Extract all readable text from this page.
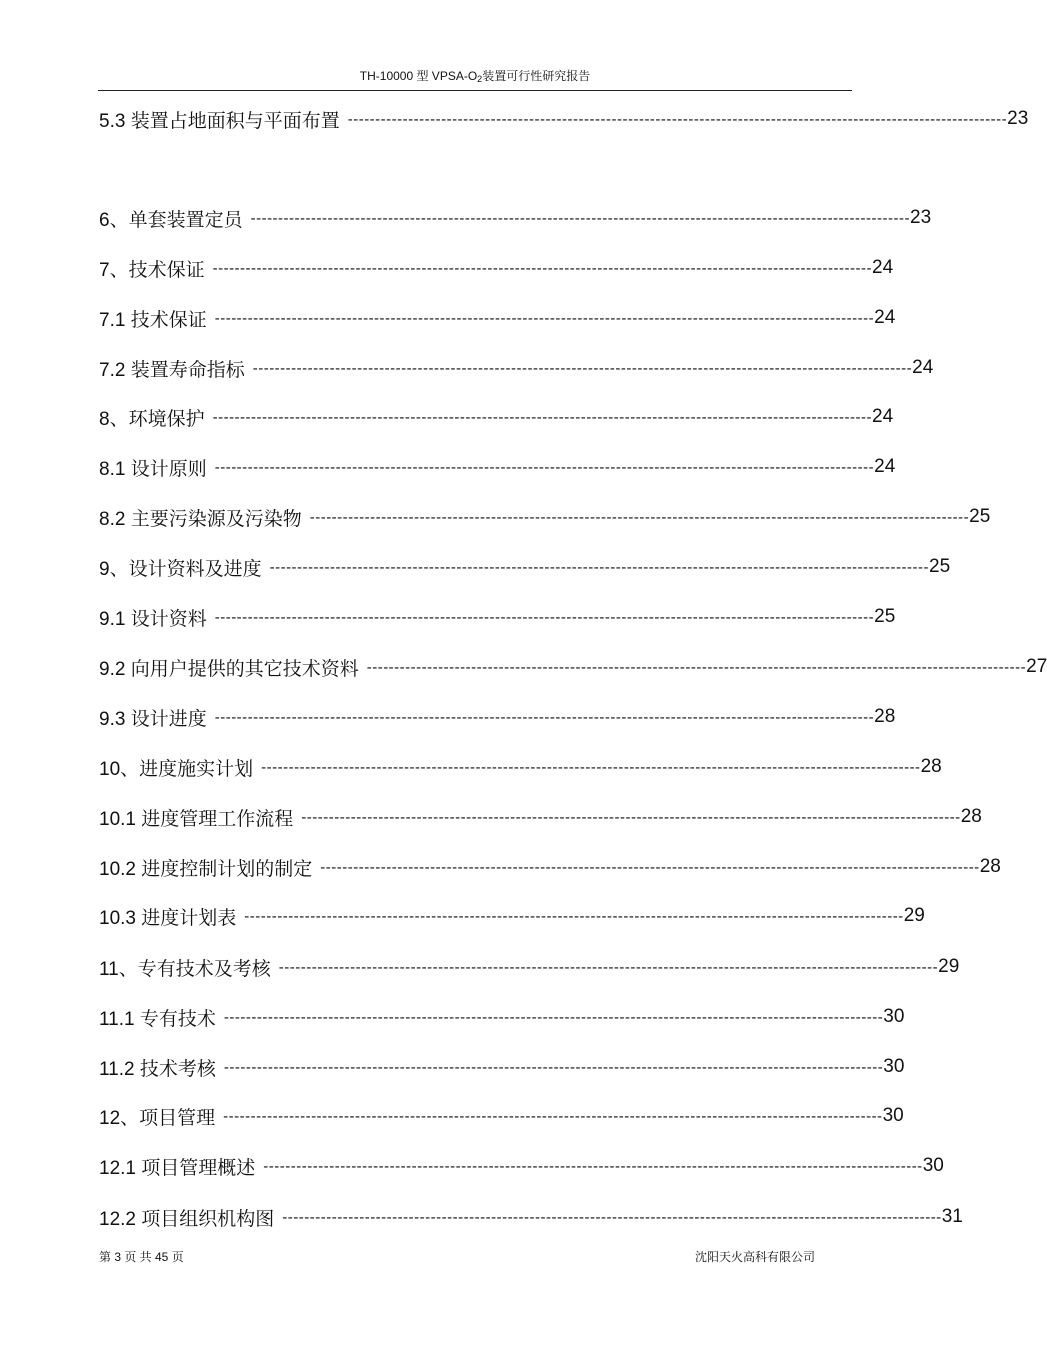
TH-10000 型 VPSA-$O_2$装置可行性研究报告
5.3 装置占地面积与平面布置 ------------------------------------------------------------------------------------------------------------------------ 23
6、单套装置定员 ------------------------------------------------------------------------------------------------------------------------ 23
7、技术保证 ------------------------------------------------------------------------------------------------------------------------ 24
7.1 技术保证 ------------------------------------------------------------------------------------------------------------------------ 24
7.2 装置寿命指标 ------------------------------------------------------------------------------------------------------------------------ 24
8、环境保护 ------------------------------------------------------------------------------------------------------------------------ 24
8.1 设计原则 ------------------------------------------------------------------------------------------------------------------------ 24
8.2 主要污染源及污染物 ------------------------------------------------------------------------------------------------------------------------ 25
9、设计资料及进度 ------------------------------------------------------------------------------------------------------------------------ 25
9.1 设计资料 ------------------------------------------------------------------------------------------------------------------------ 25
9.2 向用户提供的其它技术资料 ------------------------------------------------------------------------------------------------------------------------ 27
9.3 设计进度 ------------------------------------------------------------------------------------------------------------------------ 28
10、进度施实计划 ------------------------------------------------------------------------------------------------------------------------ 28
10.1 进度管理工作流程 ------------------------------------------------------------------------------------------------------------------------ 28
10.2 进度控制计划的制定 ------------------------------------------------------------------------------------------------------------------------ 28
10.3 进度计划表 ------------------------------------------------------------------------------------------------------------------------ 29
11、专有技术及考核 ------------------------------------------------------------------------------------------------------------------------ 29
11.1 专有技术 ------------------------------------------------------------------------------------------------------------------------ 30
11.2 技术考核 ------------------------------------------------------------------------------------------------------------------------ 30
12、项目管理 ------------------------------------------------------------------------------------------------------------------------ 30
12.1 项目管理概述 ------------------------------------------------------------------------------------------------------------------------ 30
12.2 项目组织机构图 ------------------------------------------------------------------------------------------------------------------------ 31
第 3 页 共 45 页	沈阳天火高科有限公司
